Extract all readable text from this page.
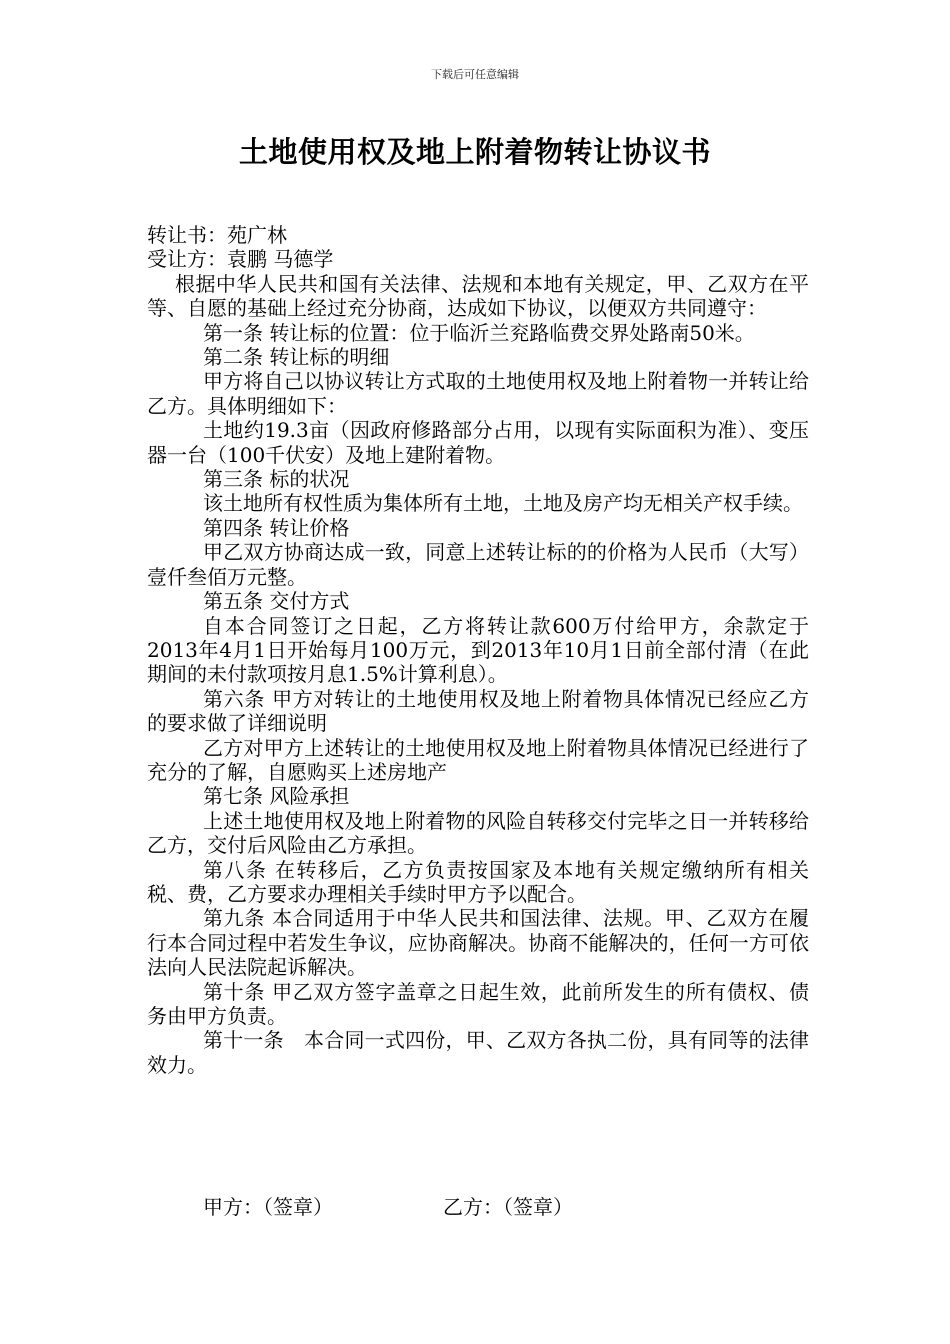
下载后可任意编辑
土地使用权及地上附着物转让协议书

转让书：苑广林

受让方：袁鹏 马德学

根据中华人民共和国有关法律、法规和本地有关规定，甲、乙双方在平等、自愿的基础上经过充分协商，达成如下协议，以便双方共同遵守：

第一条 转让标的位置：位于临沂兰兖路临费交界处路南50米。

第二条 转让标的明细

甲方将自己以协议转让方式取的土地使用权及地上附着物一并转让给乙方。具体明细如下：

土地约19.3亩（因政府修路部分占用，以现有实际面积为准）、变压器一台（100千伏安）及地上建附着物。

第三条 标的状况

该土地所有权性质为集体所有土地，土地及房产均无相关产权手续。

第四条 转让价格

甲乙双方协商达成一致，同意上述转让标的的价格为人民币（大写）壹仟叁佰万元整。

第五条 交付方式

自本合同签订之日起，乙方将转让款600万付给甲方，余款定于2013年4月1日开始每月100万元，到2013年10月1日前全部付清（在此期间的未付款项按月息1.5%计算利息）。

第六条 甲方对转让的土地使用权及地上附着物具体情况已经应乙方的要求做了详细说明

乙方对甲方上述转让的土地使用权及地上附着物具体情况已经进行了充分的了解，自愿购买上述房地产

第七条 风险承担

上述土地使用权及地上附着物的风险自转移交付完毕之日一并转移给乙方，交付后风险由乙方承担。

第八条 在转移后，乙方负责按国家及本地有关规定缴纳所有相关税、费，乙方要求办理相关手续时甲方予以配合。

第九条 本合同适用于中华人民共和国法律、法规。甲、乙双方在履行本合同过程中若发生争议，应协商解决。协商不能解决的，任何一方可依法向人民法院起诉解决。

第十条 甲乙双方签字盖章之日起生效，此前所发生的所有债权、债务由甲方负责。

第十一条　本合同一式四份，甲、乙双方各执二份，具有同等的法律效力。

甲方：（签章）	乙方：（签章）
